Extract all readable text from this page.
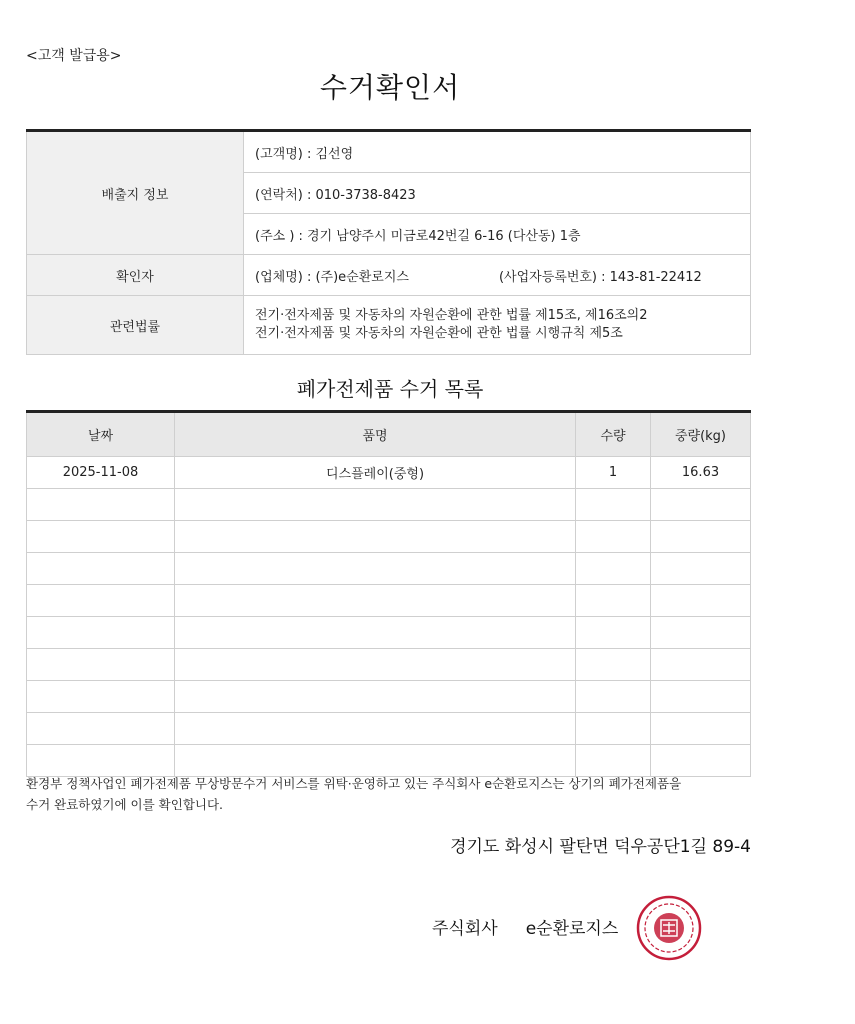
<고객 발급용>
수거확인서
배출지 정보	(고객명) : 김선영
	(연락처) : 010-3738-8423
	(주소 ) : 경기 남양주시 미금로42번길 6-16 (다산동) 1층
확인자	(업체명) : (주)e순환로지스 (사업자등록번호) : 143-81-22412
관련법률	전기·전자제품 및 자동차의 자원순환에 관한 법률 제15조, 제16조의2
전기·전자제품 및 자동차의 자원순환에 관한 법률 시행규칙 제5조
폐가전제품 수거 목록
날짜	품명	수량	중량(kg)
2025-11-08	디스플레이(중형)	1	16.63

환경부 정책사업인 폐가전제품 무상방문수거 서비스를 위탁·운영하고 있는 주식회사 e순환로지스는 상기의 폐가전제품을
수거 완료하였기에 이를 확인합니다.
경기도 화성시 팔탄면 덕우공단1길 89-4
주식회사 e순환로지스
